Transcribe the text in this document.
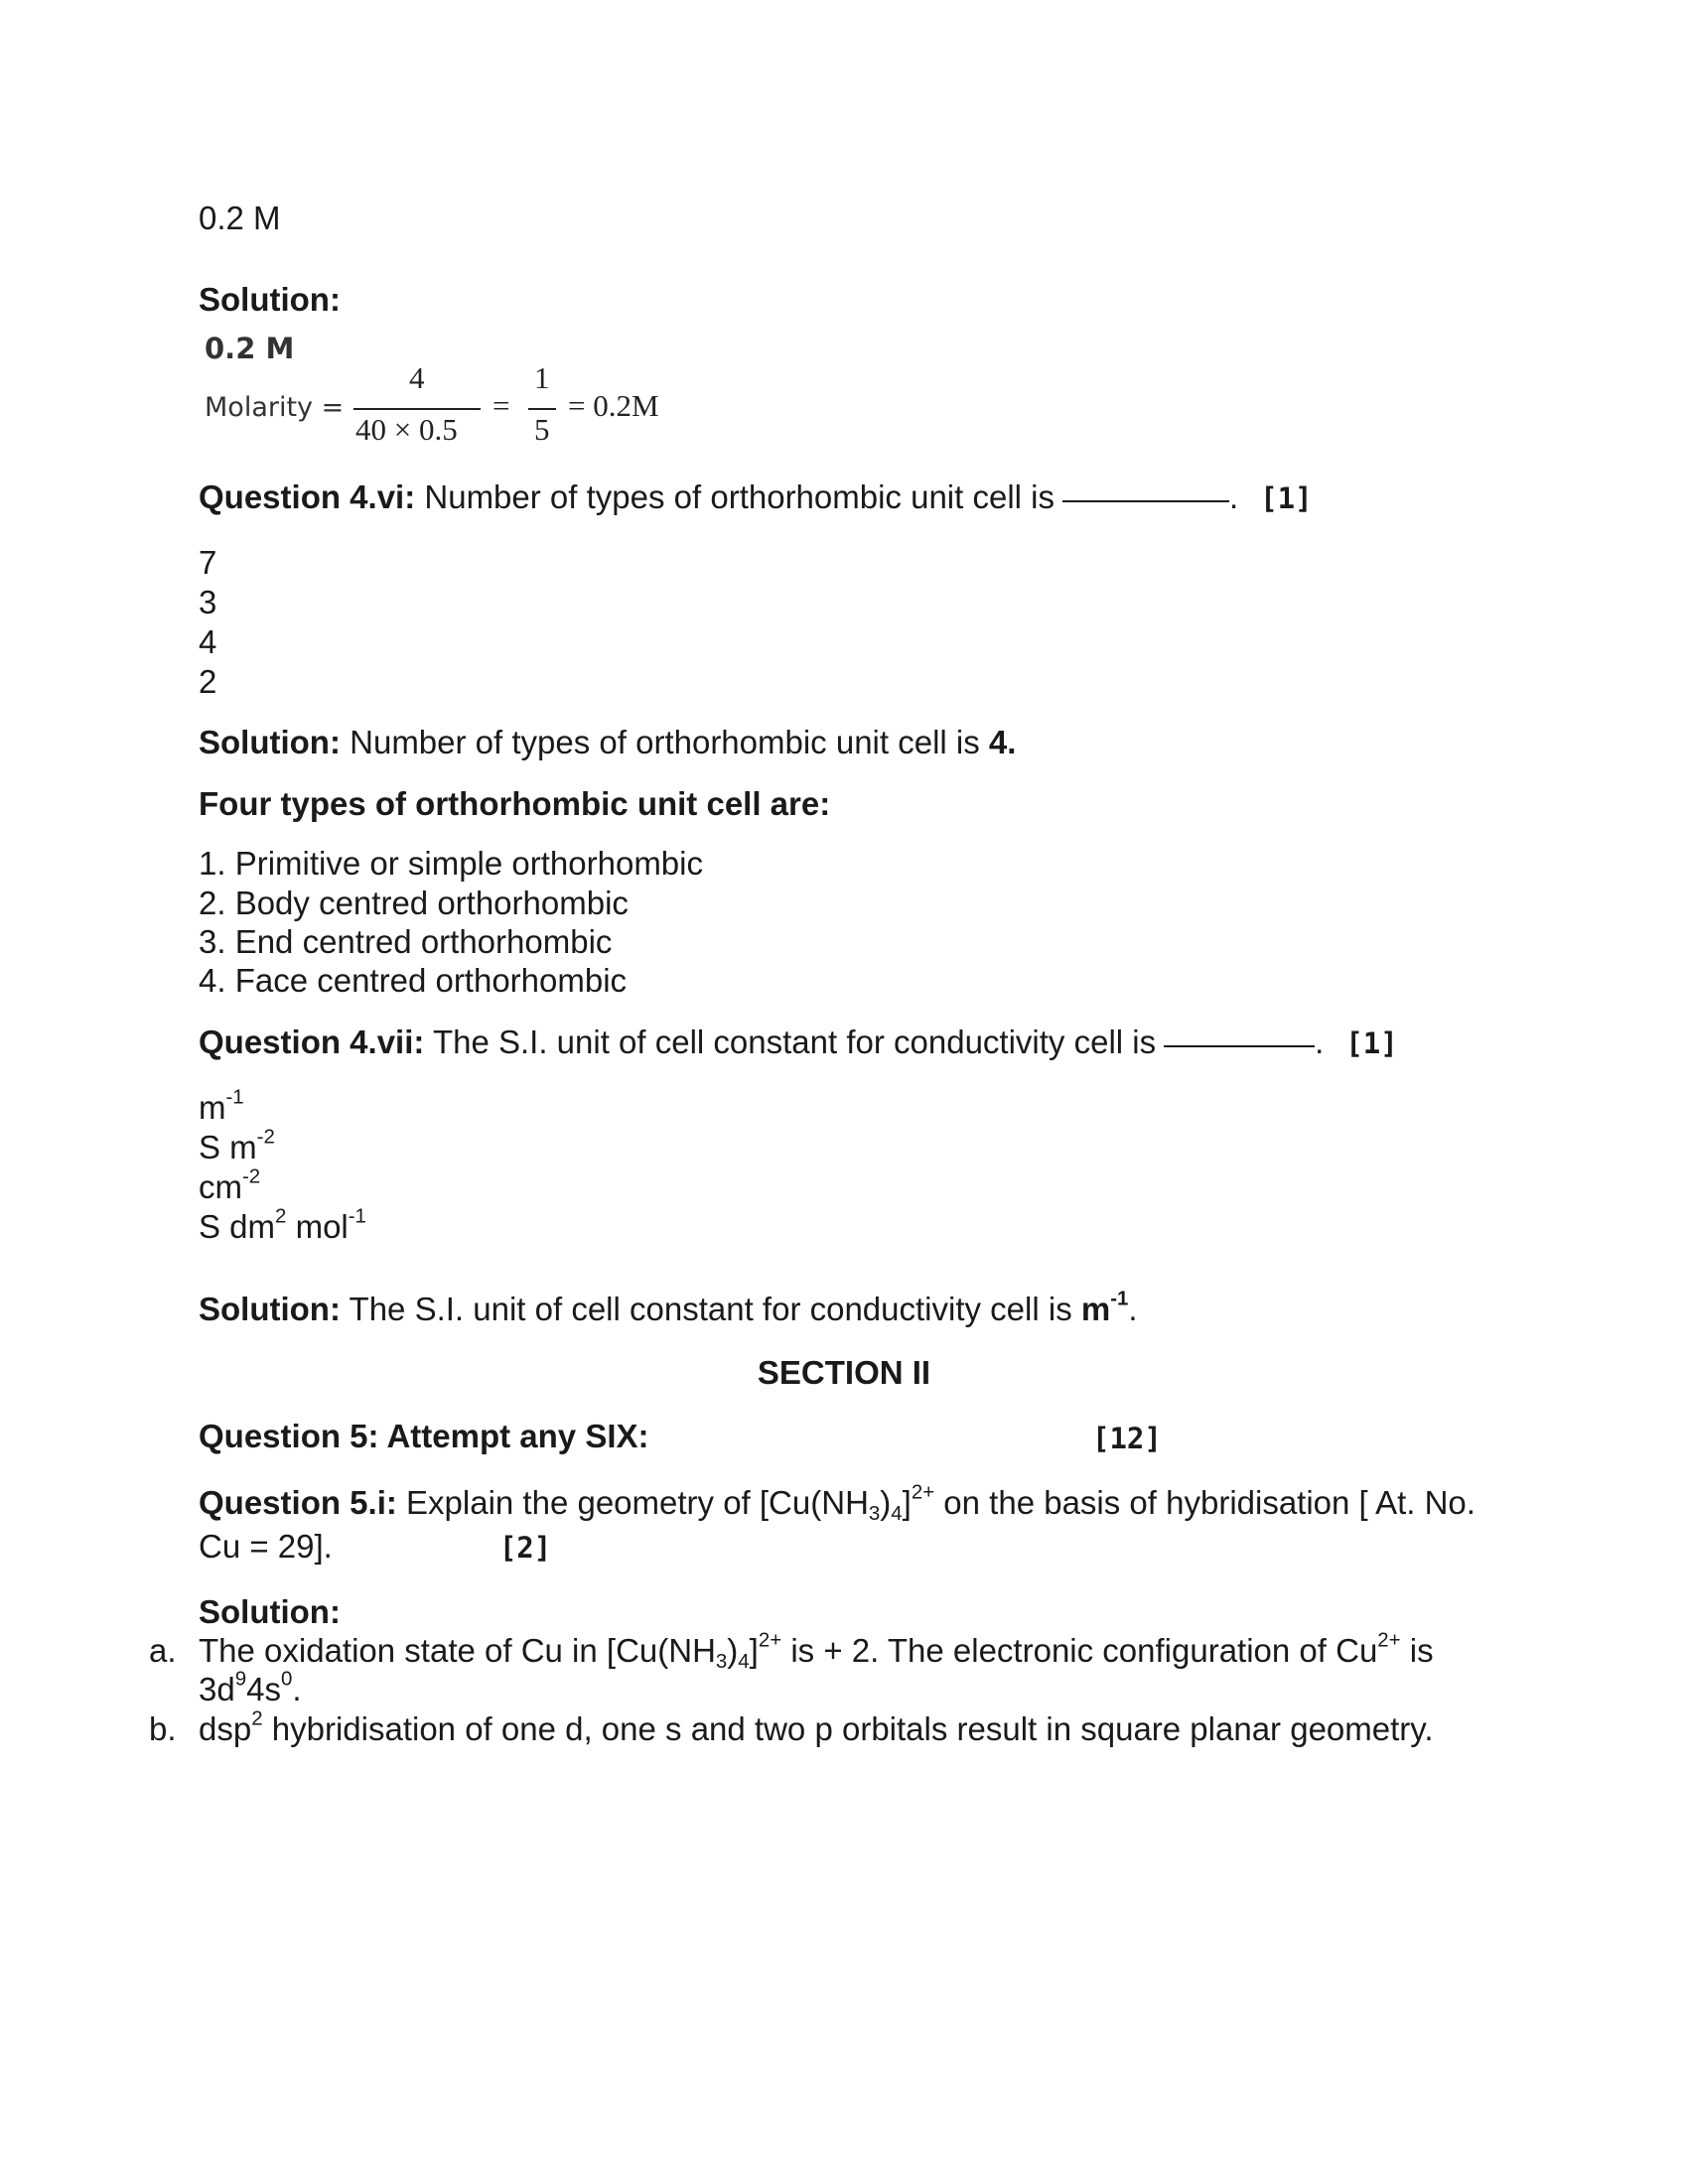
0.2 M
Solution:
0.2 M
Molarity =
4
40 × 0.5
=
1
5
= 0.2M
Question 4.vi: Number of types of orthorhombic unit cell is	. [1]
7
3
4
2
Solution: Number of types of orthorhombic unit cell is 4.
Four types of orthorhombic unit cell are:
1. Primitive or simple orthorhombic
2. Body centred orthorhombic
3. End centred orthorhombic
4. Face centred orthorhombic
Question 4.vii: The S.I. unit of cell constant for conductivity cell is	. [1]
$m^{-1}$
S $m^{-2}$
$cm^{-2}$
S $dm^2$ mol$^{-1}$
Solution: The S.I. unit of cell constant for conductivity cell is $m^{-1}$.
SECTION II
Question 5: Attempt any SIX:	[12]
Question 5.i: Explain the geometry of $[Cu(NH_3)_4]^{2+}$ on the basis of hybridisation [ At. No.
Cu = 29].	[2]
Solution:
a. The oxidation state of Cu in $[Cu(NH_3)_4]^{2+}$ is + 2. The electronic configuration of $Cu^{2+}$ is
$3d^94s^0$.
b. dsp$^2$ hybridisation of one d, one s and two p orbitals result in square planar geometry.
